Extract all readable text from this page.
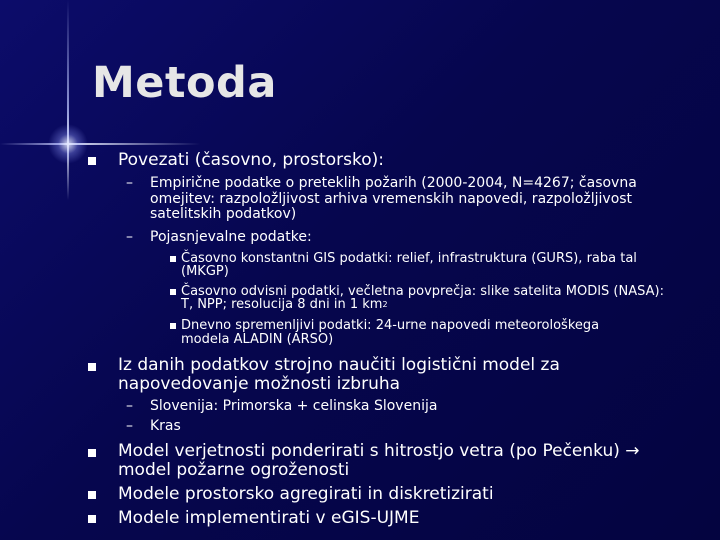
Metoda

Povezati (časovno, prostorsko):

– Empirične podatke o preteklih požarih (2000-2004, N=4267; časovna

omejitev: razpoložljivost arhiva vremenskih napovedi, razpoložljivost

satelitskih podatkov)

– Pojasnjevalne podatke:

Časovno konstantni GIS podatki: relief, infrastruktura (GURS), raba tal

(MKGP)

Časovno odvisni podatki, večletna povprečja: slike satelita MODIS (NASA):

T, NPP; resolucija 8 dni in 1 $km^2$

Dnevno spremenljivi podatki: 24-urne napovedi meteorološkega

modela ALADIN (ARSO)

Iz danih podatkov strojno naučiti logistični model za

napovedovanje možnosti izbruha

– Slovenija: Primorska + celinska Slovenija

– Kras

Model verjetnosti ponderirati s hitrostjo vetra (po Pečenku) →

model požarne ogroženosti

Modele prostorsko agregirati in diskretizirati

Modele implementirati v eGIS-UJME
